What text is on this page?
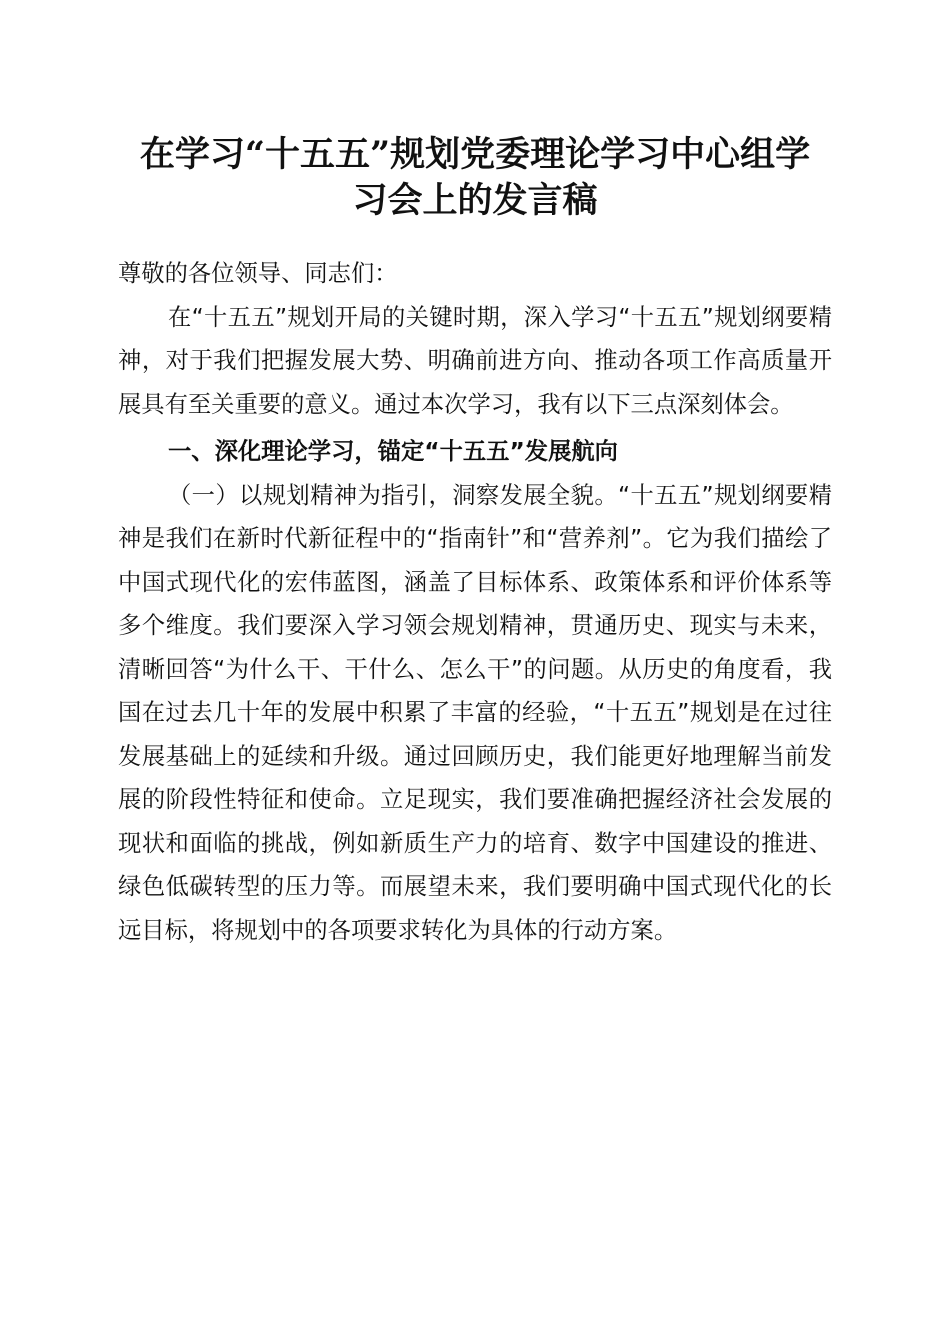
在学习“十五五”规划党委理论学习中心组学
习会上的发言稿

尊敬的各位领导、同志们：

在“十五五”规划开局的关键时期，深入学习“十五五”规划纲要精神，对于我们把握发展大势、明确前进方向、推动各项工作高质量开展具有至关重要的意义。通过本次学习，我有以下三点深刻体会。

一、深化理论学习，锚定“十五五”发展航向

（一）以规划精神为指引，洞察发展全貌。“十五五”规划纲要精神是我们在新时代新征程中的“指南针”和“营养剂”。它为我们描绘了中国式现代化的宏伟蓝图，涵盖了目标体系、政策体系和评价体系等多个维度。我们要深入学习领会规划精神，贯通历史、现实与未来，清晰回答“为什么干、干什么、怎么干”的问题。从历史的角度看，我国在过去几十年的发展中积累了丰富的经验，“十五五”规划是在过往发展基础上的延续和升级。通过回顾历史，我们能更好地理解当前发展的阶段性特征和使命。立足现实，我们要准确把握经济社会发展的现状和面临的挑战，例如新质生产力的培育、数字中国建设的推进、绿色低碳转型的压力等。而展望未来，我们要明确中国式现代化的长远目标，将规划中的各项要求转化为具体的行动方案。
